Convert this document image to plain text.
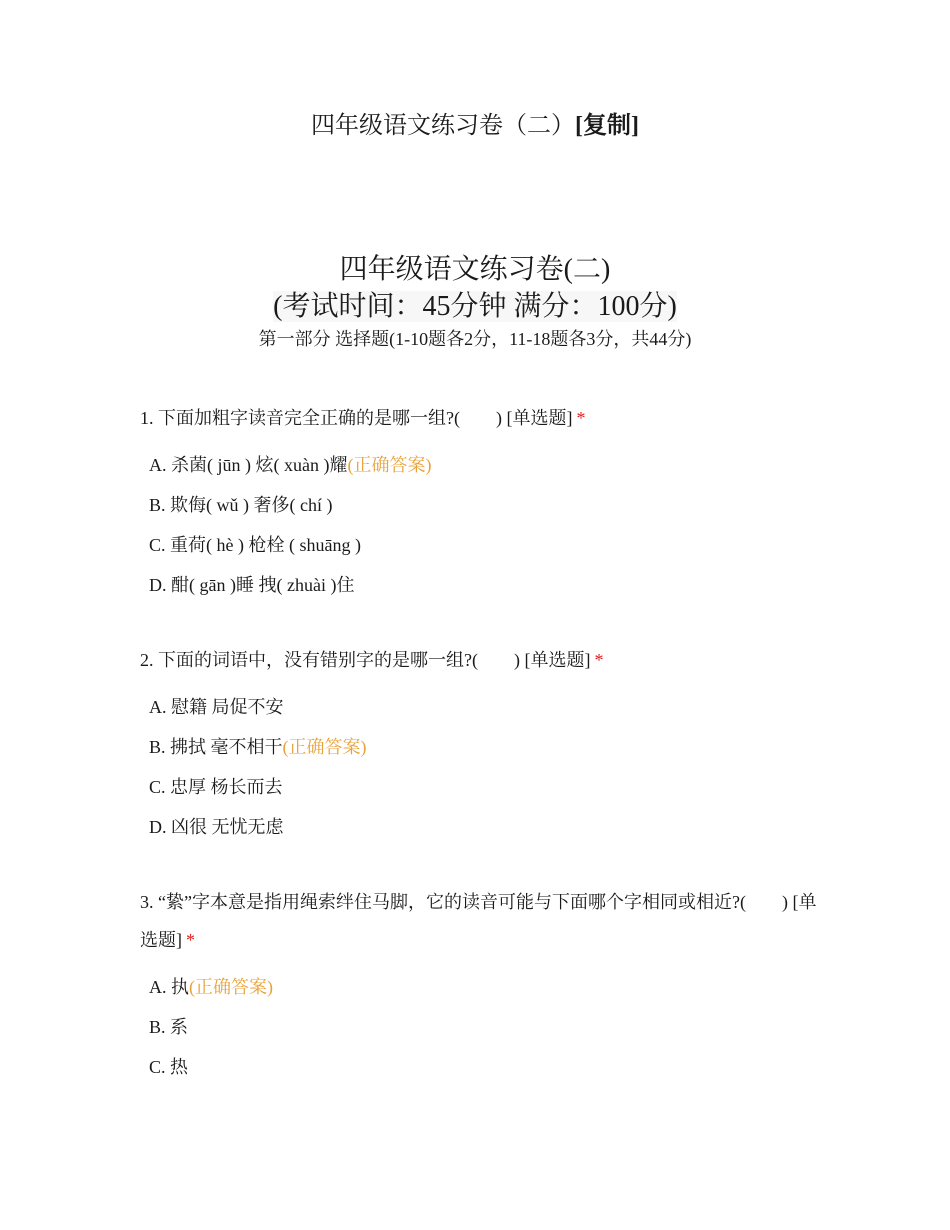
四年级语文练习卷（二）[复制]
四年级语文练习卷(二)
(考试时间：45分钟 满分：100分)
第一部分 选择题(1-10题各2分，11-18题各3分，共44分)

1. 下面加粗字读音完全正确的是哪一组?(　　) [单选题] *

A. 杀菌( jūn ) 炫( xuàn )耀(正确答案)
B. 欺侮( wǔ ) 奢侈( chí )
C. 重荷( hè ) 枪栓 ( shuāng )
D. 酣( gān )睡 拽( zhuài )住

2. 下面的词语中，没有错别字的是哪一组?(　　) [单选题] *

A. 慰籍 局促不安
B. 拂拭 毫不相干(正确答案)
C. 忠厚 杨长而去
D. 凶很 无忧无虑

3. “絷”字本意是指用绳索绊住马脚，它的读音可能与下面哪个字相同或相近?(　　) [单选题] *

A. 执(正确答案)
B. 系
C. 热
